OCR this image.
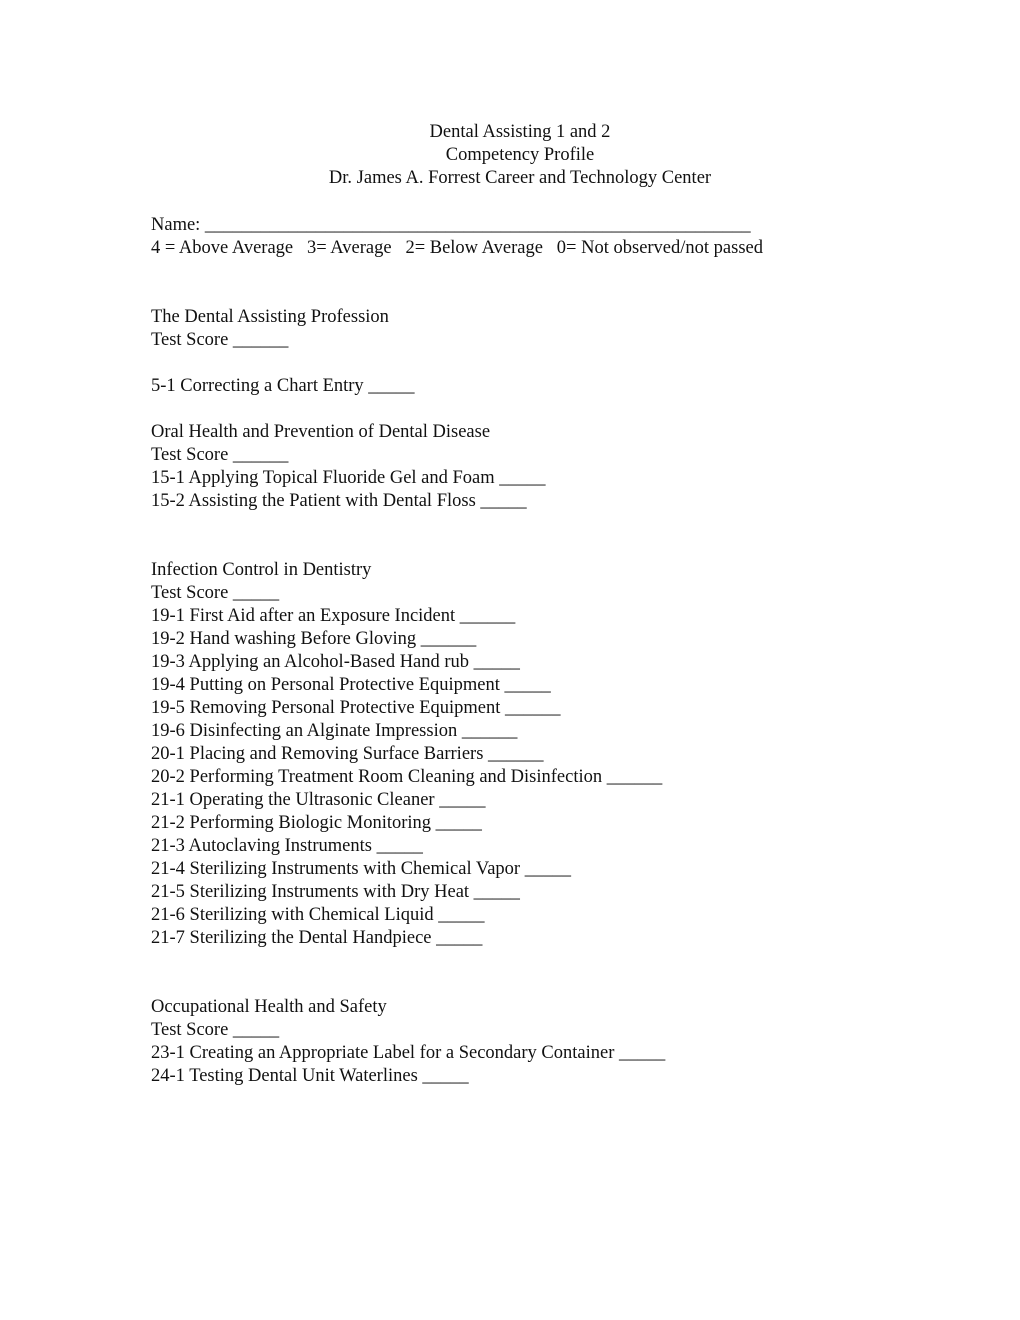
Dental Assisting 1 and 2
Competency Profile
Dr. James A. Forrest Career and Technology Center
Name: ___________________________________________________________
4 = Above Average   3= Average   2= Below Average   0= Not observed/not passed
The Dental Assisting Profession
Test Score ______
5-1 Correcting a Chart Entry _____
Oral Health and Prevention of Dental Disease
Test Score ______
15-1 Applying Topical Fluoride Gel and Foam _____
15-2 Assisting the Patient with Dental Floss _____
Infection Control in Dentistry
Test Score _____
19-1 First Aid after an Exposure Incident ______
19-2 Hand washing Before Gloving ______
19-3 Applying an Alcohol-Based Hand rub _____
19-4 Putting on Personal Protective Equipment _____
19-5 Removing Personal Protective Equipment ______
19-6 Disinfecting an Alginate Impression ______
20-1 Placing and Removing Surface Barriers ______
20-2 Performing Treatment Room Cleaning and Disinfection ______
21-1 Operating the Ultrasonic Cleaner _____
21-2 Performing Biologic Monitoring _____
21-3 Autoclaving Instruments _____
21-4 Sterilizing Instruments with Chemical Vapor _____
21-5 Sterilizing Instruments with Dry Heat _____
21-6 Sterilizing with Chemical Liquid _____
21-7 Sterilizing the Dental Handpiece _____
Occupational Health and Safety
Test Score _____
23-1 Creating an Appropriate Label for a Secondary Container _____
24-1 Testing Dental Unit Waterlines _____
